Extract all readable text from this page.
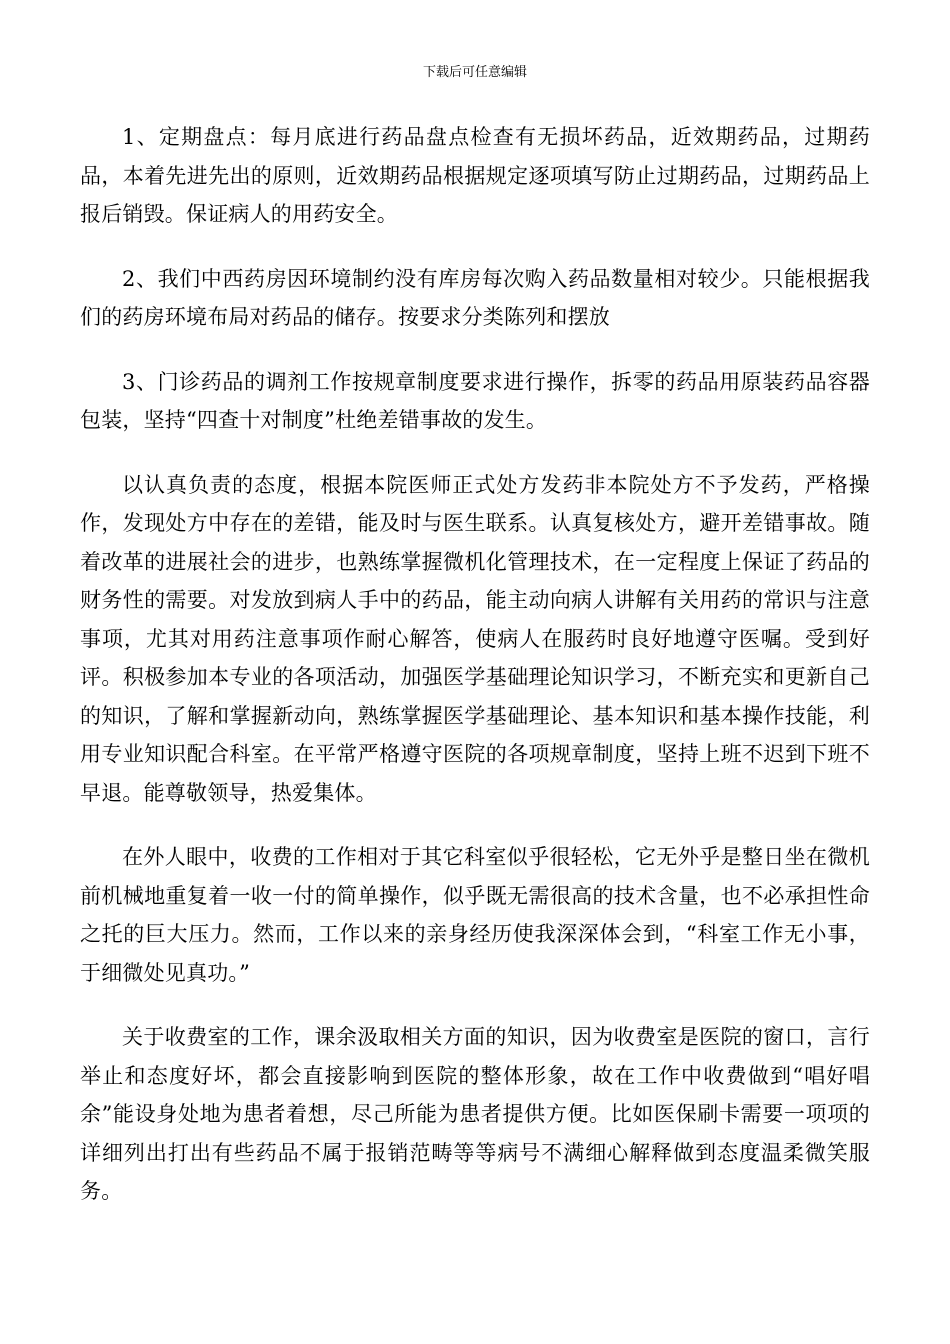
下载后可任意编辑

1、定期盘点：每月底进行药品盘点检查有无损坏药品，近效期药品，过期药品，本着先进先出的原则，近效期药品根据规定逐项填写防止过期药品，过期药品上报后销毁。保证病人的用药安全。

2、我们中西药房因环境制约没有库房每次购入药品数量相对较少。只能根据我们的药房环境布局对药品的储存。按要求分类陈列和摆放

3、门诊药品的调剂工作按规章制度要求进行操作，拆零的药品用原装药品容器包装，坚持“四查十对制度”杜绝差错事故的发生。

以认真负责的态度，根据本院医师正式处方发药非本院处方不予发药，严格操作，发现处方中存在的差错，能及时与医生联系。认真复核处方，避开差错事故。随着改革的进展社会的进步，也熟练掌握微机化管理技术，在一定程度上保证了药品的财务性的需要。对发放到病人手中的药品，能主动向病人讲解有关用药的常识与注意事项，尤其对用药注意事项作耐心解答，使病人在服药时良好地遵守医嘱。受到好评。积极参加本专业的各项活动，加强医学基础理论知识学习，不断充实和更新自己的知识，了解和掌握新动向，熟练掌握医学基础理论、基本知识和基本操作技能，利用专业知识配合科室。在平常严格遵守医院的各项规章制度，坚持上班不迟到下班不早退。能尊敬领导，热爱集体。

在外人眼中，收费的工作相对于其它科室似乎很轻松，它无外乎是整日坐在微机前机械地重复着一收一付的简单操作，似乎既无需很高的技术含量，也不必承担性命之托的巨大压力。然而，工作以来的亲身经历使我深深体会到，“科室工作无小事，于细微处见真功。”

关于收费室的工作，课余汲取相关方面的知识，因为收费室是医院的窗口，言行举止和态度好坏，都会直接影响到医院的整体形象，故在工作中收费做到“唱好唱余”能设身处地为患者着想，尽己所能为患者提供方便。比如医保刷卡需要一项项的详细列出打出有些药品不属于报销范畴等等病号不满细心解释做到态度温柔微笑服务。
